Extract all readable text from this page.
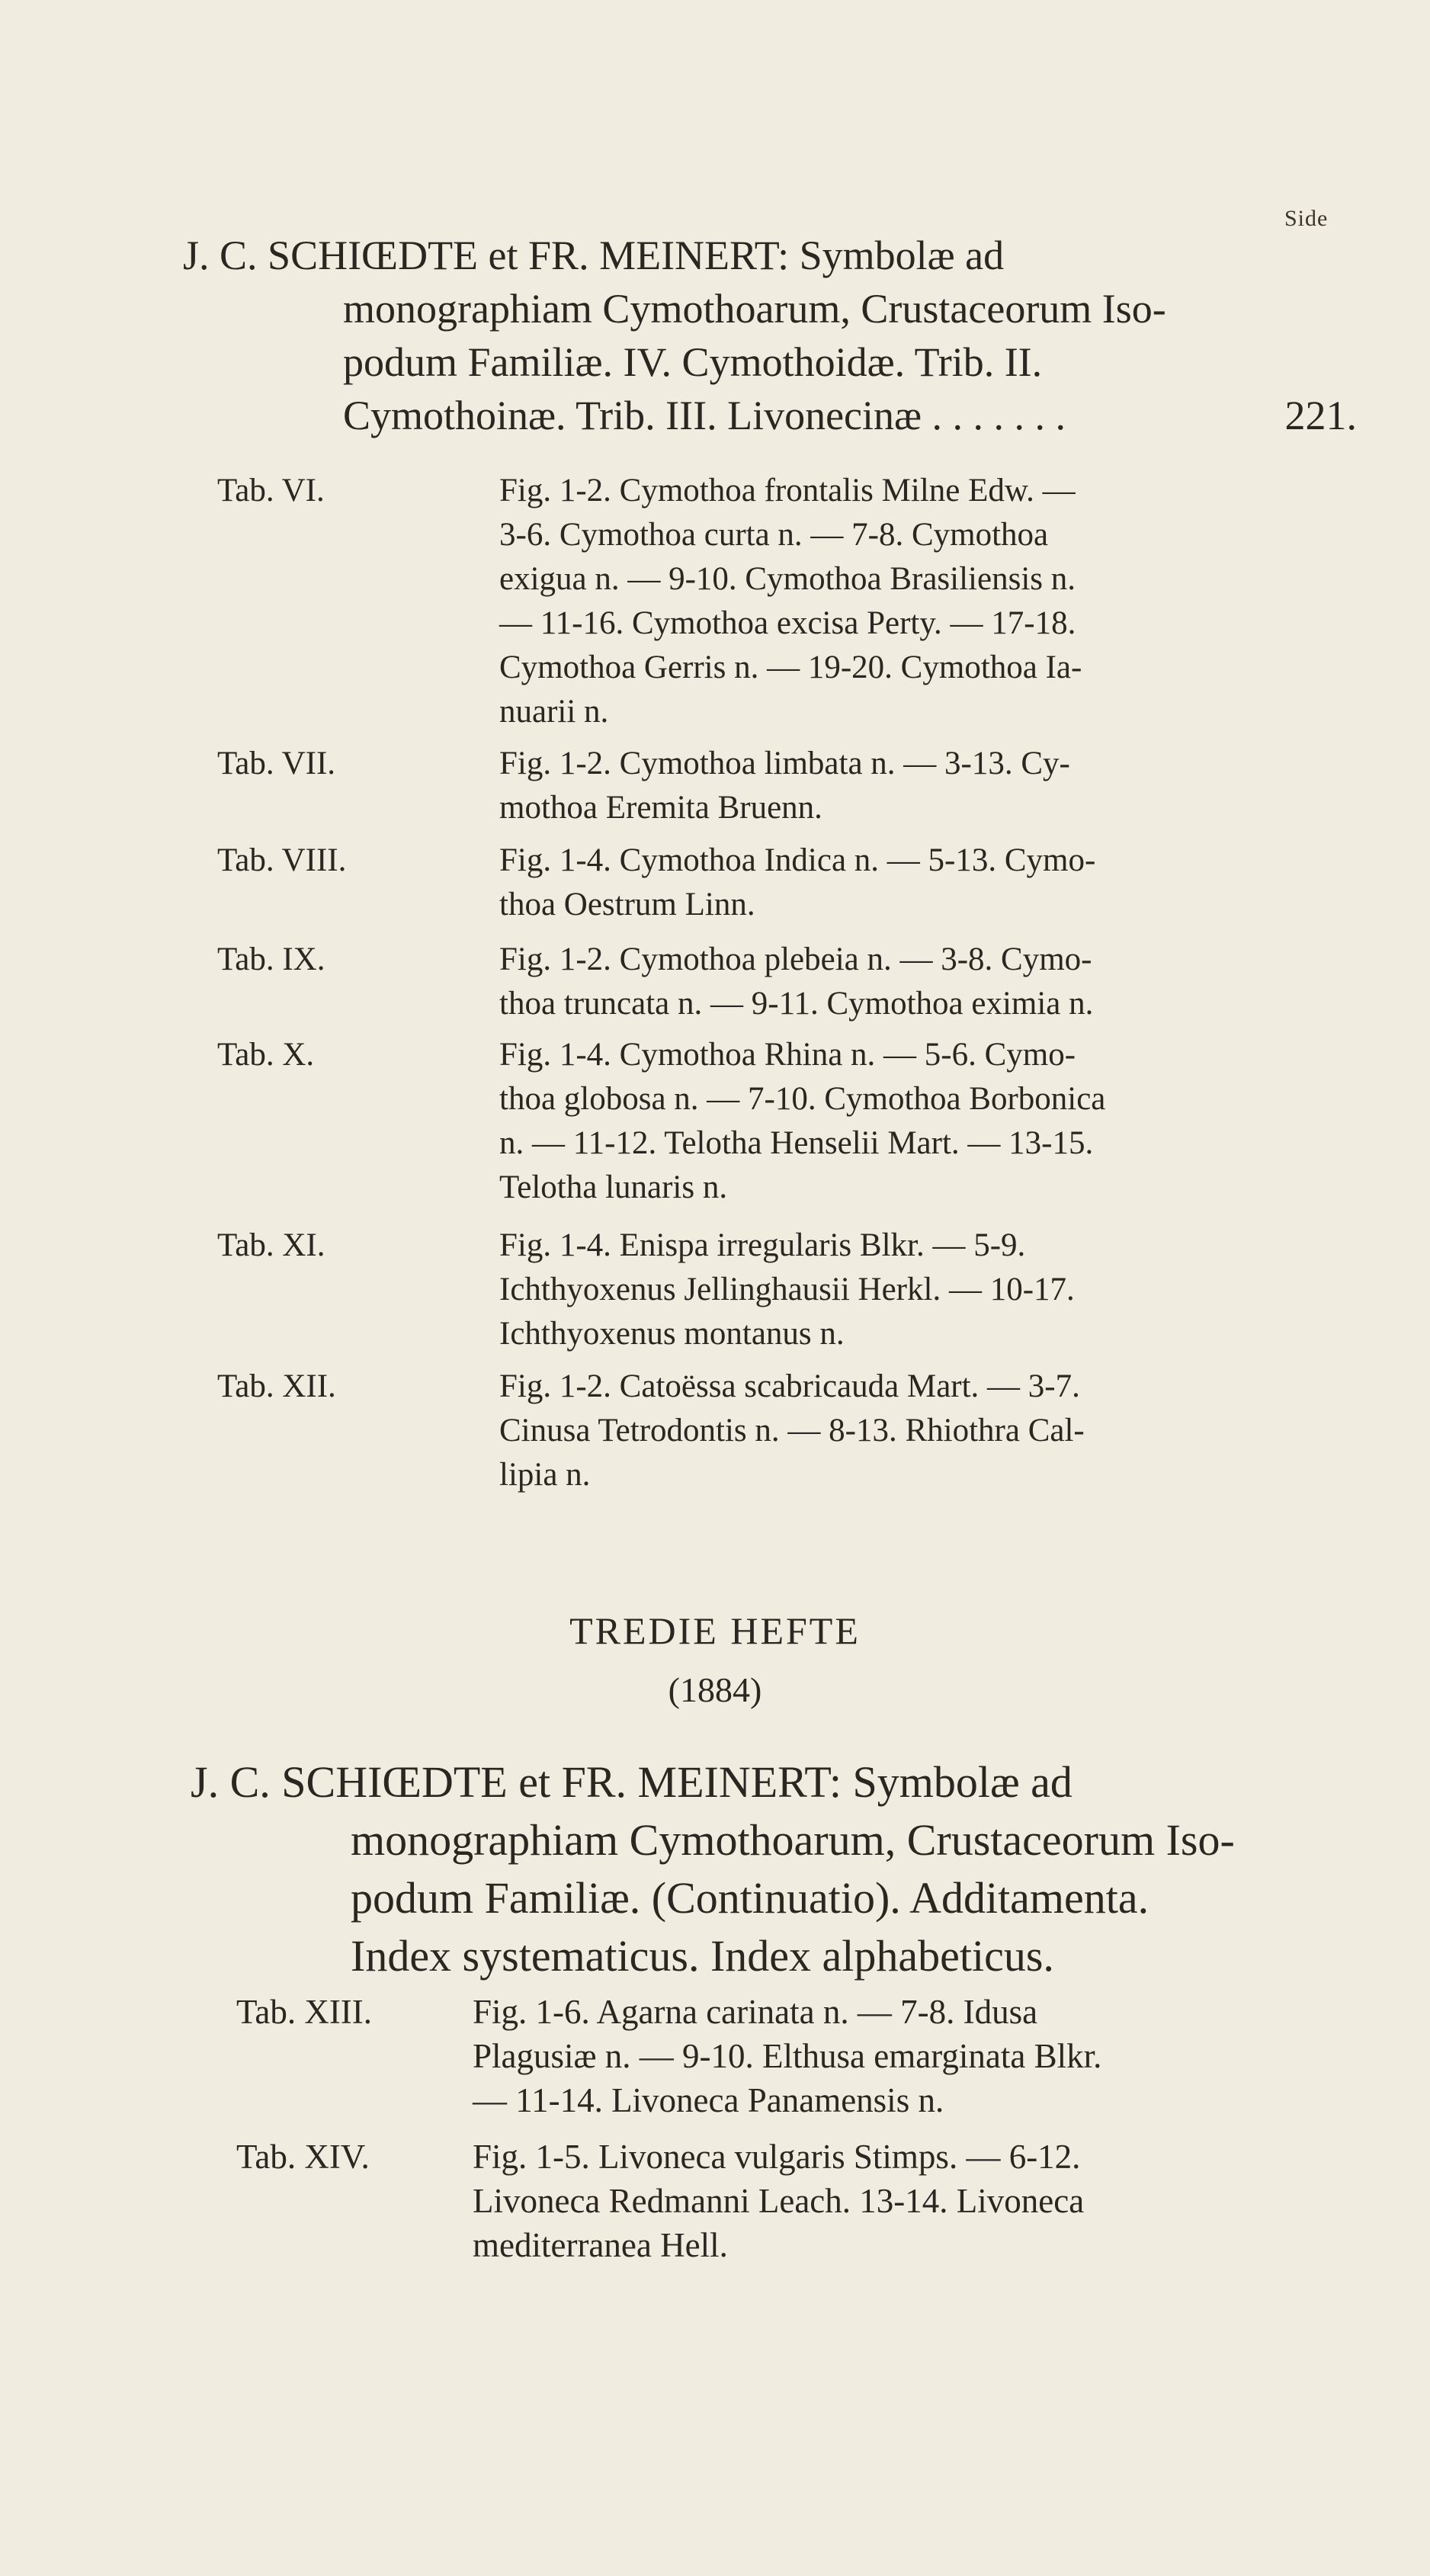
Side

J. C. SCHIŒDTE et FR. MEINERT: Symbolæ ad

monographiam Cymothoarum, Crustaceorum Iso-

podum Familiæ. IV. Cymothoidæ. Trib. II.

Cymothoinæ. Trib. III. Livonecinæ . . . . . . .	221.

Tab. VI.	Fig. 1-2. Cymothoa frontalis Milne Edw. —

3-6. Cymothoa curta n. — 7-8. Cymothoa

exigua n. — 9-10. Cymothoa Brasiliensis n.

— 11-16. Cymothoa excisa Perty. — 17-18.

Cymothoa Gerris n. — 19-20. Cymothoa Ia-

nuarii n.

Tab. VII.	Fig. 1-2. Cymothoa limbata n. — 3-13. Cy-

mothoa Eremita Bruenn.

Tab. VIII.	Fig. 1-4. Cymothoa Indica n. — 5-13. Cymo-

thoa Oestrum Linn.

Tab. IX.	Fig. 1-2. Cymothoa plebeia n. — 3-8. Cymo-

thoa truncata n. — 9-11. Cymothoa eximia n.

Tab. X.	Fig. 1-4. Cymothoa Rhina n. — 5-6. Cymo-

thoa globosa n. — 7-10. Cymothoa Borbonica

n. — 11-12. Telotha Henselii Mart. — 13-15.

Telotha lunaris n.

Tab. XI.	Fig. 1-4. Enispa irregularis Blkr. — 5-9.

Ichthyoxenus Jellinghausii Herkl. — 10-17.

Ichthyoxenus montanus n.

Tab. XII.	Fig. 1-2. Catoëssa scabricauda Mart. — 3-7.

Cinusa Tetrodontis n. — 8-13. Rhiothra Cal-

lipia n.

TREDIE HEFTE
(1884)

J. C. SCHIŒDTE et FR. MEINERT: Symbolæ ad

monographiam Cymothoarum, Crustaceorum Iso-

podum Familiæ. (Continuatio). Additamenta.

Index systematicus. Index alphabeticus.

Tab. XIII.	Fig. 1-6. Agarna carinata n. — 7-8. Idusa

Plagusiæ n. — 9-10. Elthusa emarginata Blkr.

— 11-14. Livoneca Panamensis n.

Tab. XIV.	Fig. 1-5. Livoneca vulgaris Stimps. — 6-12.

Livoneca Redmanni Leach. 13-14. Livoneca

mediterranea Hell.
